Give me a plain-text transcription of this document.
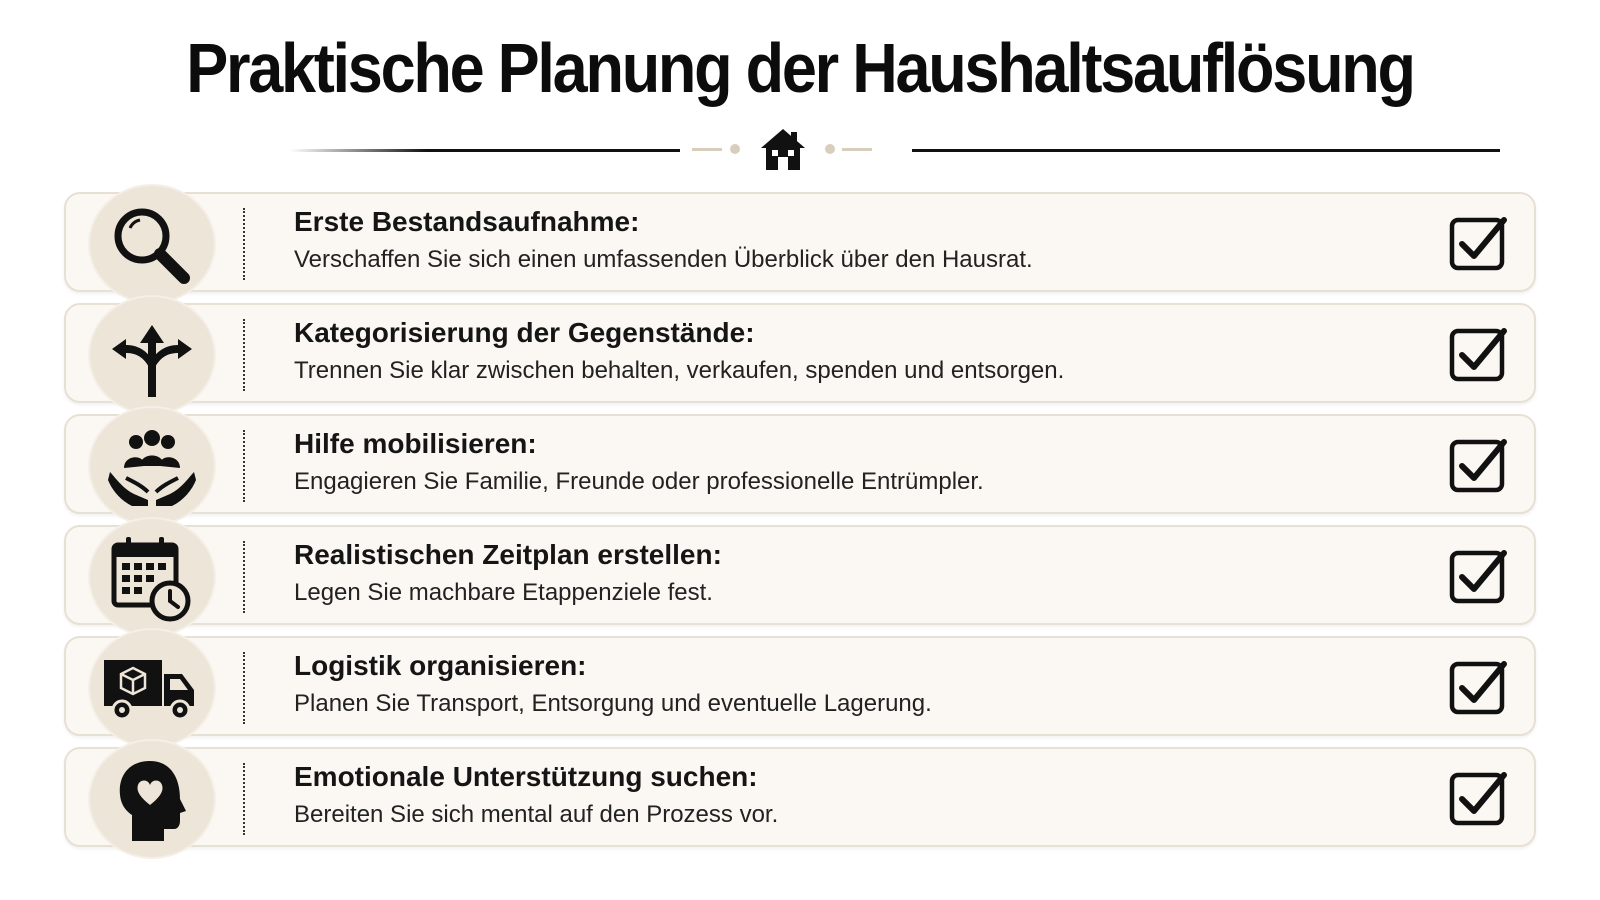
Praktische Planung der Haushaltsauflösung
Erste Bestandsaufnahme:
Verschaffen Sie sich einen umfassenden Überblick über den Hausrat.
Kategorisierung der Gegenstände:
Trennen Sie klar zwischen behalten, verkaufen, spenden und entsorgen.
Hilfe mobilisieren:
Engagieren Sie Familie, Freunde oder professionelle Entrümpler.
Realistischen Zeitplan erstellen:
Legen Sie machbare Etappenziele fest.
Logistik organisieren:
Planen Sie Transport, Entsorgung und eventuelle Lagerung.
Emotionale Unterstützung suchen:
Bereiten Sie sich mental auf den Prozess vor.
